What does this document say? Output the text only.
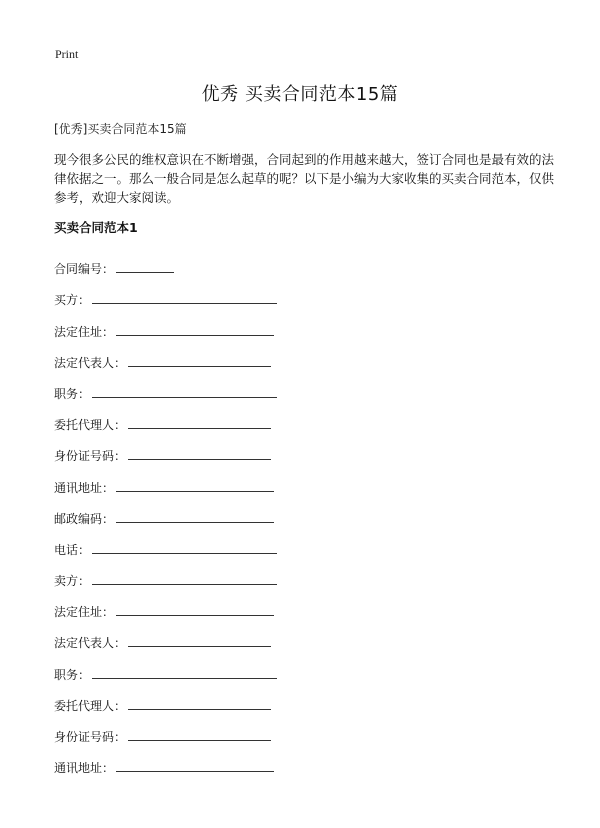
Print
优秀 买卖合同范本15篇
[优秀]买卖合同范本15篇
现今很多公民的维权意识在不断增强，合同起到的作用越来越大，签订合同也是最有效的法律依据之一。那么一般合同是怎么起草的呢？以下是小编为大家收集的买卖合同范本，仅供参考，欢迎大家阅读。
买卖合同范本1
合同编号：
买方：
法定住址：
法定代表人：
职务：
委托代理人：
身份证号码：
通讯地址：
邮政编码：
电话：
卖方：
法定住址：
法定代表人：
职务：
委托代理人：
身份证号码：
通讯地址：
